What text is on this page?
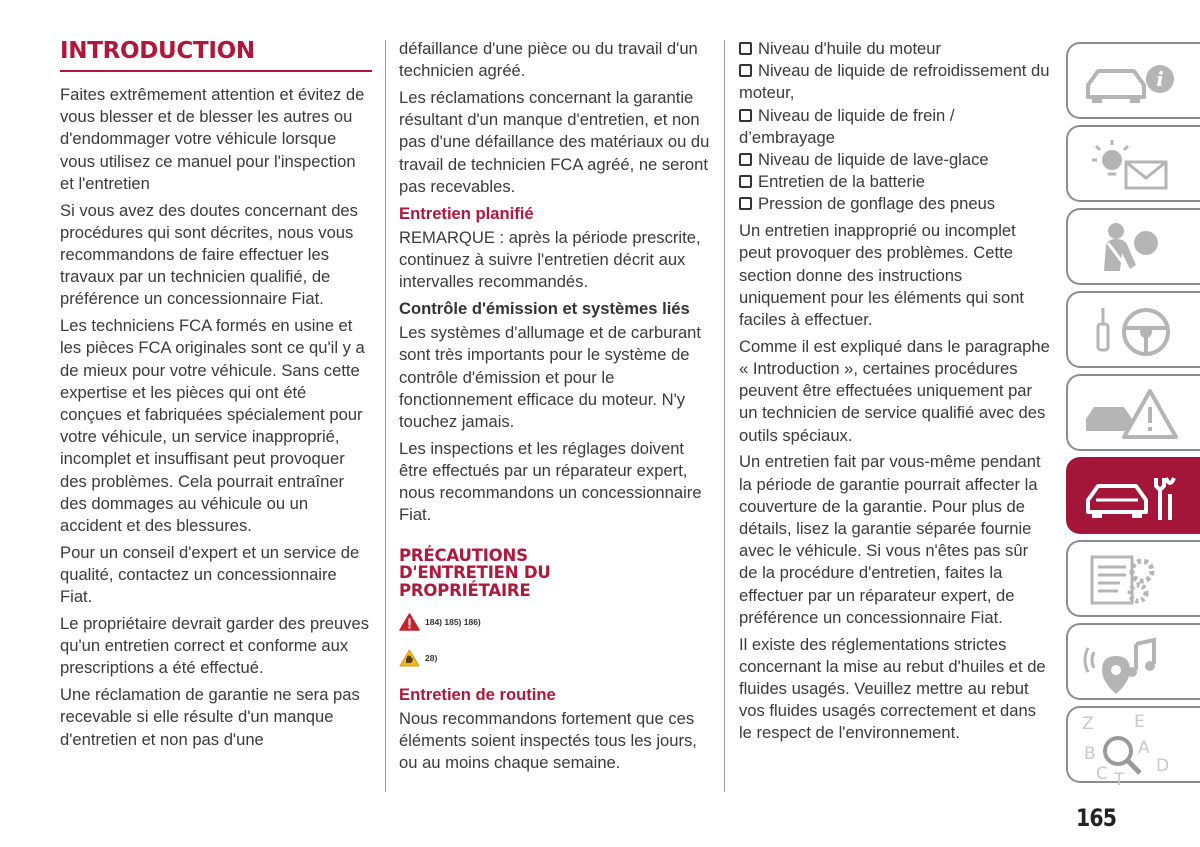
INTRODUCTION

Faites extrêmement attention et évitez de vous blesser et de blesser les autres ou d'endommager votre véhicule lorsque vous utilisez ce manuel pour l'inspection et l'entretien

Si vous avez des doutes concernant des procédures qui sont décrites, nous vous recommandons de faire effectuer les travaux par un technicien qualifié, de préférence un concessionnaire Fiat.

Les techniciens FCA formés en usine et les pièces FCA originales sont ce qu'il y a de mieux pour votre véhicule. Sans cette expertise et les pièces qui ont été conçues et fabriquées spécialement pour votre véhicule, un service inapproprié, incomplet et insuffisant peut provoquer des problèmes. Cela pourrait entraîner des dommages au véhicule ou un accident et des blessures.

Pour un conseil d'expert et un service de qualité, contactez un concessionnaire Fiat.

Le propriétaire devrait garder des preuves qu'un entretien correct et conforme aux prescriptions a été effectué.

Une réclamation de garantie ne sera pas recevable si elle résulte d'un manque d'entretien et non pas d'une

défaillance d'une pièce ou du travail d'un technicien agréé.

Les réclamations concernant la garantie résultant d'un manque d'entretien, et non pas d'une défaillance des matériaux ou du travail de technicien FCA agréé, ne seront pas recevables.

Entretien planifié

REMARQUE : après la période prescrite, continuez à suivre l'entretien décrit aux intervalles recommandés.

Contrôle d'émission et systèmes liés

Les systèmes d'allumage et de carburant sont très importants pour le système de contrôle d'émission et pour le fonctionnement efficace du moteur. N'y touchez jamais.

Les inspections et les réglages doivent être effectués par un réparateur expert, nous recommandons un concessionnaire Fiat.

PRÉCAUTIONS
D'ENTRETIEN DU
PROPRIÉTAIRE
184) 185) 186)
28)
Entretien de routine

Nous recommandons fortement que ces éléments soient inspectés tous les jours, ou au moins chaque semaine.

Niveau d'huile du moteur
Niveau de liquide de refroidissement du moteur,
Niveau de liquide de frein / d’embrayage
Niveau de liquide de lave-glace
Entretien de la batterie
Pression de gonflage des pneus

Un entretien inapproprié ou incomplet peut provoquer des problèmes. Cette section donne des instructions uniquement pour les éléments qui sont faciles à effectuer.

Comme il est expliqué dans le paragraphe « Introduction », certaines procédures peuvent être effectuées uniquement par un technicien de service qualifié avec des outils spéciaux.

Un entretien fait par vous-même pendant la période de garantie pourrait affecter la couverture de la garantie. Pour plus de détails, lisez la garantie séparée fournie avec le véhicule. Si vous n'êtes pas sûr de la procédure d'entretien, faites la effectuer par un réparateur expert, de préférence un concessionnaire Fiat.

Il existe des réglementations strictes concernant la mise au rebut d'huiles et de fluides usagés. Veuillez mettre au rebut vos fluides usagés correctement et dans le respect de l'environnement.

i
Z E
B A
C T
D
165
